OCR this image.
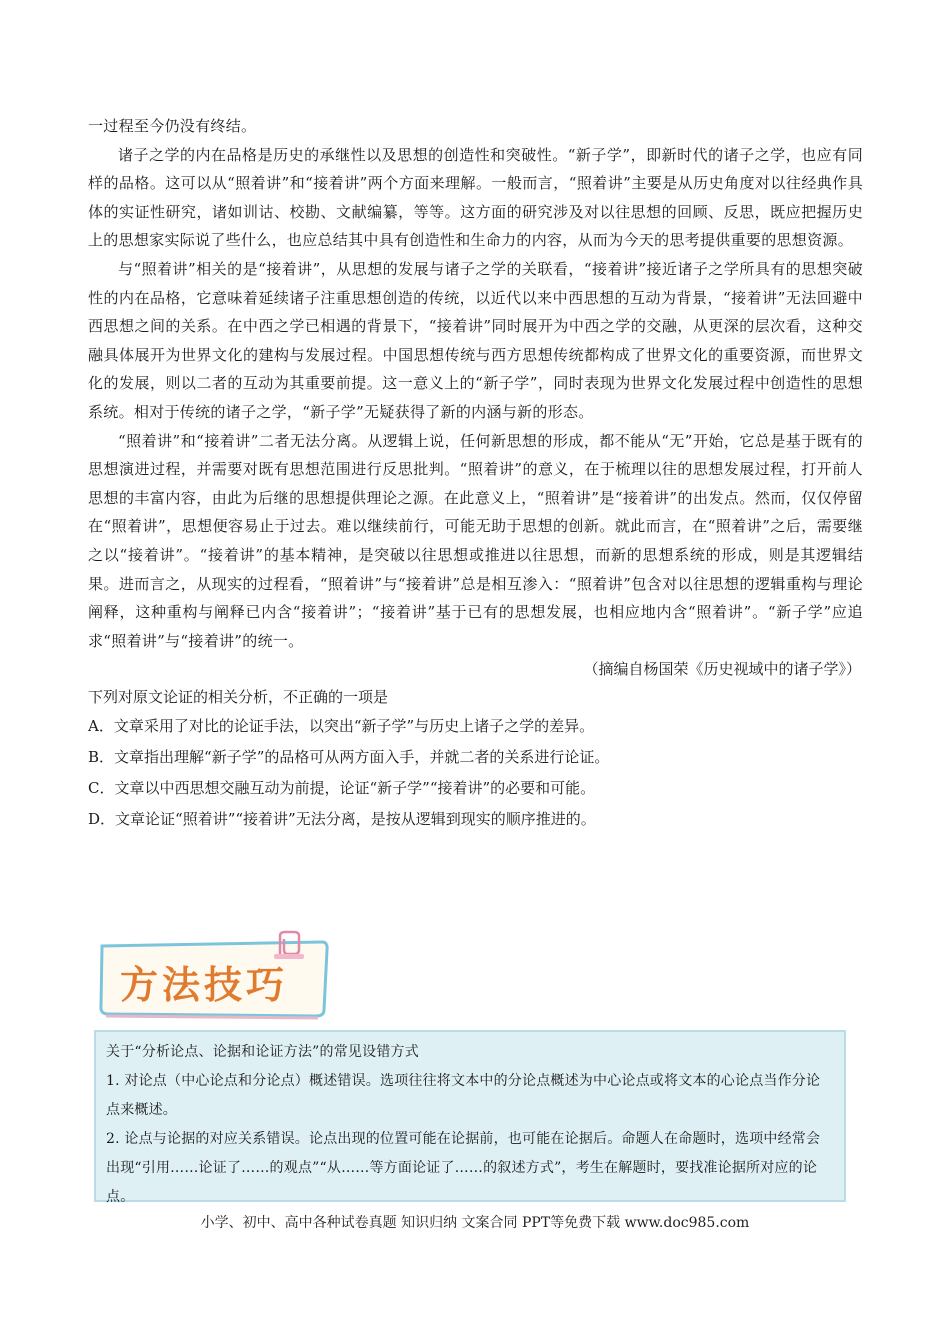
一过程至今仍没有终结。

诸子之学的内在品格是历史的承继性以及思想的创造性和突破性。“新子学”，即新时代的诸子之学，也应有同样的品格。这可以从“照着讲”和“接着讲”两个方面来理解。一般而言，“照着讲”主要是从历史角度对以往经典作具体的实证性研究，诸如训诂、校勘、文献编纂，等等。这方面的研究涉及对以往思想的回顾、反思，既应把握历史上的思想家实际说了些什么，也应总结其中具有创造性和生命力的内容，从而为今天的思考提供重要的思想资源。

与“照着讲”相关的是“接着讲”，从思想的发展与诸子之学的关联看，“接着讲”接近诸子之学所具有的思想突破性的内在品格，它意味着延续诸子注重思想创造的传统，以近代以来中西思想的互动为背景，“接着讲”无法回避中西思想之间的关系。在中西之学已相遇的背景下，“接着讲”同时展开为中西之学的交融，从更深的层次看，这种交融具体展开为世界文化的建构与发展过程。中国思想传统与西方思想传统都构成了世界文化的重要资源，而世界文化的发展，则以二者的互动为其重要前提。这一意义上的“新子学”，同时表现为世界文化发展过程中创造性的思想系统。相对于传统的诸子之学，“新子学”无疑获得了新的内涵与新的形态。

“照着讲”和“接着讲”二者无法分离。从逻辑上说，任何新思想的形成，都不能从“无”开始，它总是基于既有的思想演进过程，并需要对既有思想范围进行反思批判。“照着讲”的意义，在于梳理以往的思想发展过程，打开前人思想的丰富内容，由此为后继的思想提供理论之源。在此意义上，“照着讲”是“接着讲”的出发点。然而，仅仅停留在“照着讲”，思想便容易止于过去。难以继续前行，可能无助于思想的创新。就此而言，在“照着讲”之后，需要继之以“接着讲”。“接着讲”的基本精神，是突破以往思想或推进以往思想，而新的思想系统的形成，则是其逻辑结果。进而言之，从现实的过程看，“照着讲”与“接着讲”总是相互渗入：“照着讲”包含对以往思想的逻辑重构与理论阐释，这种重构与阐释已内含“接着讲”；“接着讲”基于已有的思想发展，也相应地内含“照着讲”。“新子学”应追求“照着讲”与“接着讲”的统一。

（摘编自杨国荣《历史视域中的诸子学》）

下列对原文论证的相关分析，不正确的一项是

A．文章采用了对比的论证手法，以突出“新子学”与历史上诸子之学的差异。

B．文章指出理解“新子学”的品格可从两方面入手，并就二者的关系进行论证。

C．文章以中西思想交融互动为前提，论证“新子学”“接着讲”的必要和可能。

D．文章论证“照着讲”“接着讲”无法分离，是按从逻辑到现实的顺序推进的。

方法技巧

关于“分析论点、论据和论证方法”的常见设错方式

1. 对论点（中心论点和分论点）概述错误。选项往往将文本中的分论点概述为中心论点或将文本的心论点当作分论点来概述。

2. 论点与论据的对应关系错误。论点出现的位置可能在论据前，也可能在论据后。命题人在命题时，选项中经常会出现“引用……论证了……的观点”“从……等方面论证了……的叙述方式”，考生在解题时，要找准论据所对应的论点。

小学、初中、高中各种试卷真题 知识归纳 文案合同 PPT等免费下载 www.doc985.com
